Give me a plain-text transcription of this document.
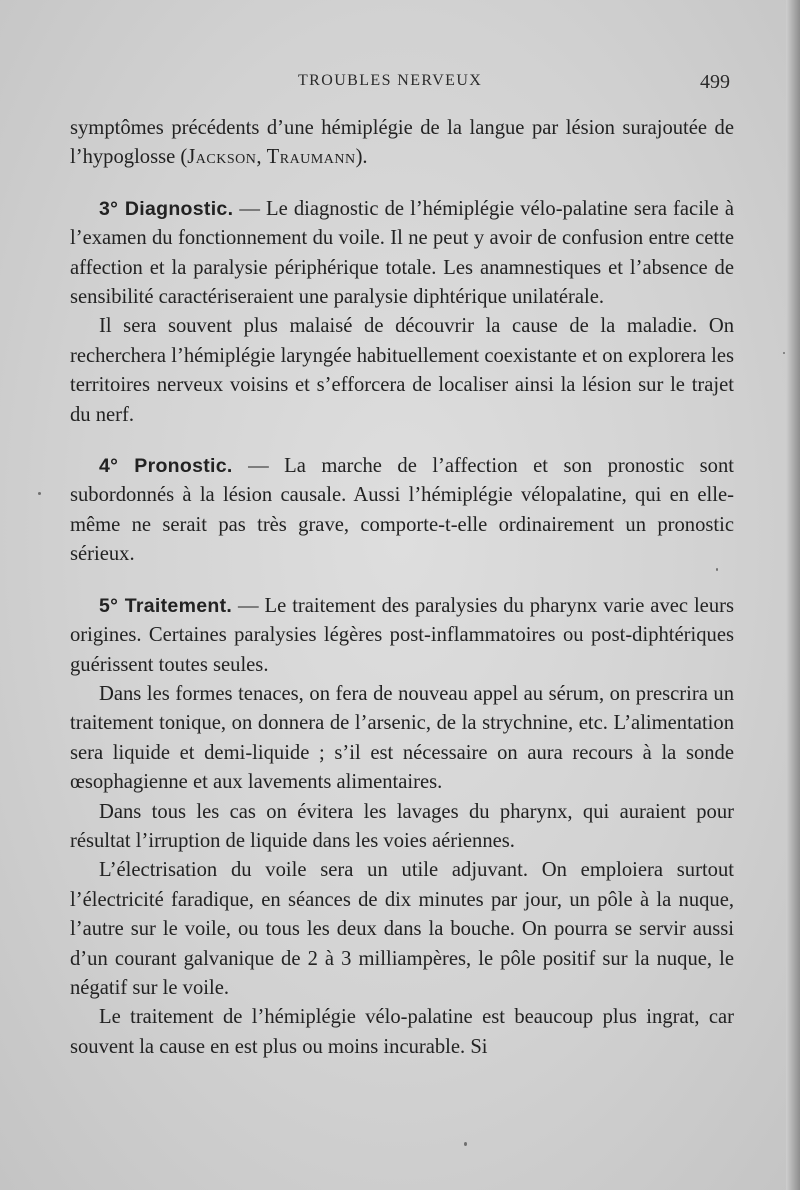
TROUBLES NERVEUX	499

symptômes précédents d’une hémiplégie de la langue par lésion surajoutée de l’hypoglosse (Jackson, Traumann).

3° Diagnostic. — Le diagnostic de l’hémiplégie vélo-palatine sera facile à l’examen du fonctionnement du voile. Il ne peut y avoir de confusion entre cette affection et la paralysie périphérique totale. Les anamnestiques et l’absence de sensibilité caractériseraient une paralysie diphtérique unilatérale.

Il sera souvent plus malaisé de découvrir la cause de la maladie. On recherchera l’hémiplégie laryngée habituellement coexistante et on explorera les territoires nerveux voisins et s’efforcera de localiser ainsi la lésion sur le trajet du nerf.

4° Pronostic. — La marche de l’affection et son pronostic sont subordonnés à la lésion causale. Aussi l’hémiplégie vélopalatine, qui en elle-même ne serait pas très grave, comporte-t-elle ordinairement un pronostic sérieux.

5° Traitement. — Le traitement des paralysies du pharynx varie avec leurs origines. Certaines paralysies légères post-inflammatoires ou post-diphtériques guérissent toutes seules.

Dans les formes tenaces, on fera de nouveau appel au sérum, on prescrira un traitement tonique, on donnera de l’arsenic, de la strychnine, etc. L’alimentation sera liquide et demi-liquide ; s’il est nécessaire on aura recours à la sonde œsophagienne et aux lavements alimentaires.

Dans tous les cas on évitera les lavages du pharynx, qui auraient pour résultat l’irruption de liquide dans les voies aériennes.

L’électrisation du voile sera un utile adjuvant. On emploiera surtout l’électricité faradique, en séances de dix minutes par jour, un pôle à la nuque, l’autre sur le voile, ou tous les deux dans la bouche. On pourra se servir aussi d’un courant galvanique de 2 à 3 milliampères, le pôle positif sur la nuque, le négatif sur le voile.

Le traitement de l’hémiplégie vélo-palatine est beaucoup plus ingrat, car souvent la cause en est plus ou moins incurable. Si
